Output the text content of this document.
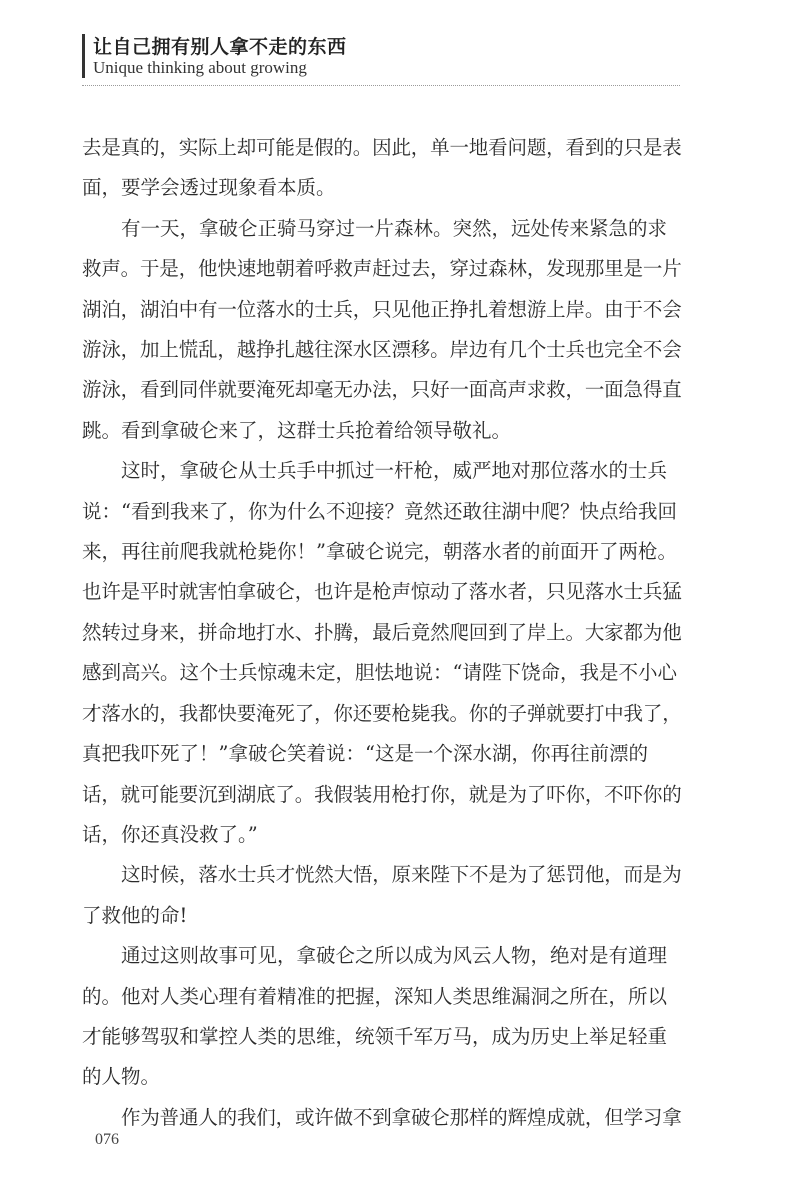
让自己拥有别人拿不走的东西
Unique thinking about growing

去是真的，实际上却可能是假的。因此，单一地看问题，看到的只是表
面，要学会透过现象看本质。

有一天，拿破仑正骑马穿过一片森林。突然，远处传来紧急的求
救声。于是，他快速地朝着呼救声赶过去，穿过森林，发现那里是一片
湖泊，湖泊中有一位落水的士兵，只见他正挣扎着想游上岸。由于不会
游泳，加上慌乱，越挣扎越往深水区漂移。岸边有几个士兵也完全不会
游泳，看到同伴就要淹死却毫无办法，只好一面高声求救，一面急得直
跳。看到拿破仑来了，这群士兵抢着给领导敬礼。

这时，拿破仑从士兵手中抓过一杆枪，威严地对那位落水的士兵
说：“看到我来了，你为什么不迎接？竟然还敢往湖中爬？快点给我回
来，再往前爬我就枪毙你！”拿破仑说完，朝落水者的前面开了两枪。
也许是平时就害怕拿破仑，也许是枪声惊动了落水者，只见落水士兵猛
然转过身来，拼命地打水、扑腾，最后竟然爬回到了岸上。大家都为他
感到高兴。这个士兵惊魂未定，胆怯地说：“请陛下饶命，我是不小心
才落水的，我都快要淹死了，你还要枪毙我。你的子弹就要打中我了，
真把我吓死了！”拿破仑笑着说：“这是一个深水湖，你再往前漂的
话，就可能要沉到湖底了。我假装用枪打你，就是为了吓你，不吓你的
话，你还真没救了。”

这时候，落水士兵才恍然大悟，原来陛下不是为了惩罚他，而是为
了救他的命!

通过这则故事可见，拿破仑之所以成为风云人物，绝对是有道理
的。他对人类心理有着精准的把握，深知人类思维漏洞之所在，所以
才能够驾驭和掌控人类的思维，统领千军万马，成为历史上举足轻重
的人物。

作为普通人的我们，或许做不到拿破仑那样的辉煌成就，但学习拿

076
